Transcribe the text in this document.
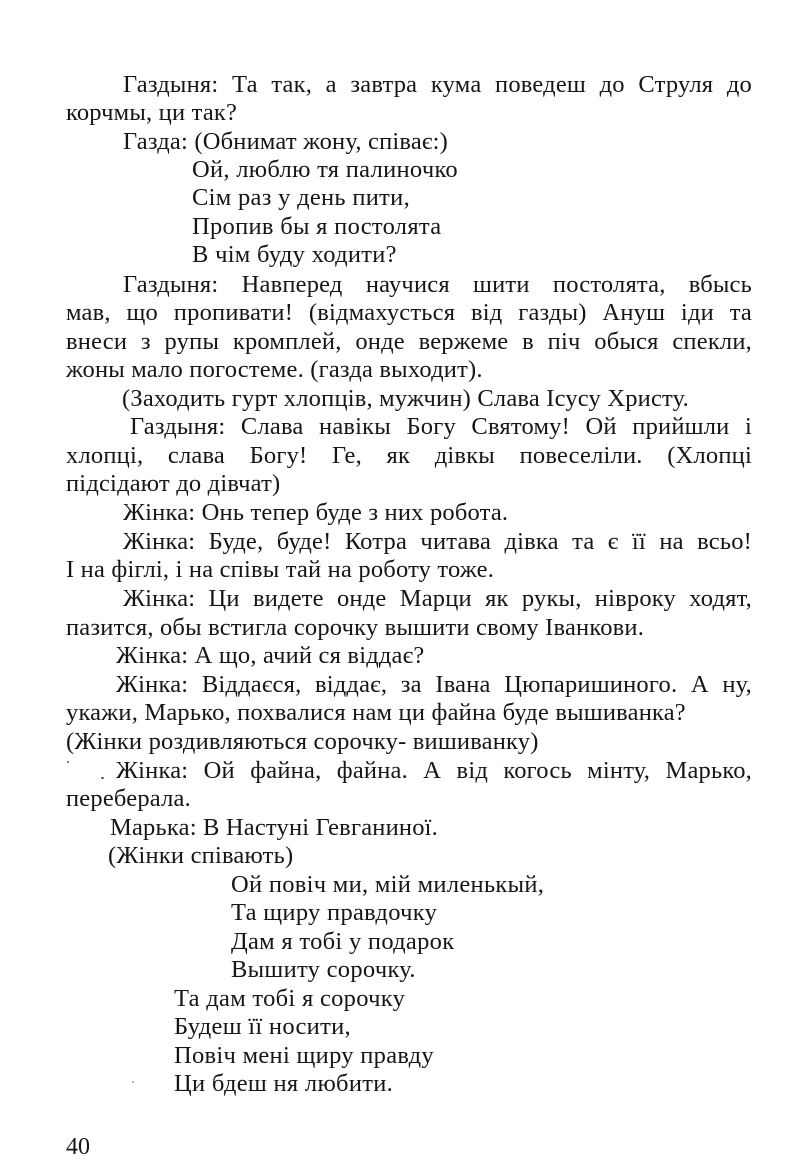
Газдыня: Та так, а завтра кума поведеш до Струля до
корчмы, ци так?
Газда: (Обнимат жону, співає:)
Ой, люблю тя палиночко
Сім раз у день пити,
Пропив бы я постолята
В чім буду ходити?
Газдыня: Навперед научися шити постолята, вбысь
мав, що пропивати! (відмахусться від газды) Ануш іди та
внеси з рупы кромплей, онде вержеме в піч обыся спекли,
жоны мало погостеме. (газда выходит).
(Заходить гурт хлопців, мужчин) Слава Ісусу Христу.
Газдыня: Слава навікы Богу Святому! Ой прийшли і
хлопці, слава Богу! Ге, як дівкы повеселіли. (Хлопці
підсідают до дівчат)
Жінка: Онь тепер буде з них робота.
Жінка: Буде, буде! Котра читава дівка та є її на всьо!
І на фіглі, і на співы тай на роботу тоже.
Жінка: Ци видете онде Марци як рукы, нівроку ходят,
пазится, обы встигла сорочку вышити свому Іванкови.
Жінка: А що, ачий ся віддає?
Жінка: Віддаєся, віддає, за Івана Цюпаришиного. А ну,
укажи, Марько, похвалися нам ци файна буде вышиванка?
(Жінки роздивляються сорочку- вишиванку)
Жінка: Ой файна, файна. А від когось мінту, Марько,
переберала.
Марька: В Настуні Гевганиної.
(Жінки співають)
Ой повіч ми, мій миленькый,
Та щиру правдочку
Дам я тобі у подарок
Вышиту сорочку.
Та дам тобі я сорочку
Будеш її носити,
Повіч мені щиру правду
Ци бдеш ня любити.
40
